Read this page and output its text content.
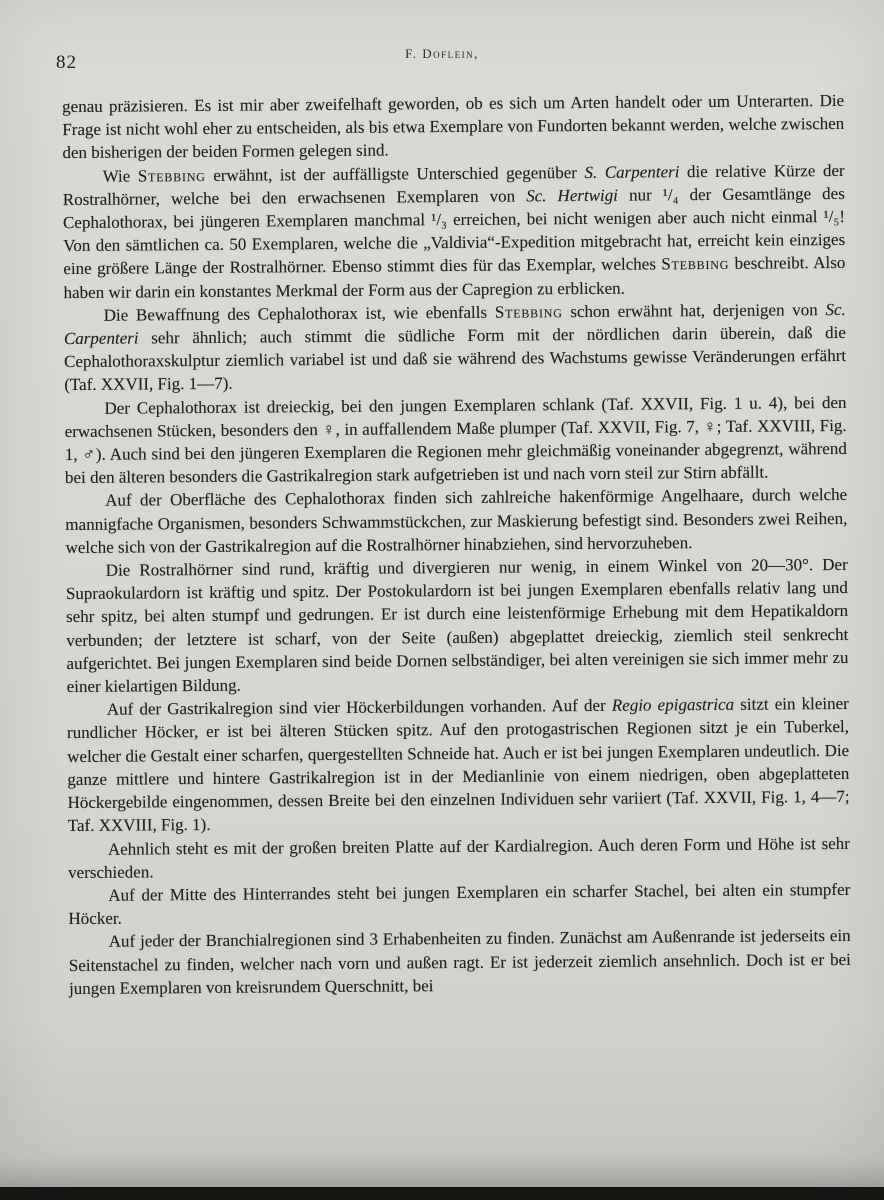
82	F. Doflein,

genau präzisieren. Es ist mir aber zweifelhaft geworden, ob es sich um Arten handelt oder um Unterarten. Die Frage ist nicht wohl eher zu entscheiden, als bis etwa Exemplare von Fundorten bekannt werden, welche zwischen den bisherigen der beiden Formen gelegen sind.

Wie Stebbing erwähnt, ist der auffälligste Unterschied gegenüber S. Carpenteri die relative Kürze der Rostralhörner, welche bei den erwachsenen Exemplaren von Sc. Hertwigi nur ¹/₄ der Gesamtlänge des Cephalothorax, bei jüngeren Exemplaren manchmal ¹/₃ erreichen, bei nicht wenigen aber auch nicht einmal ¹/₅! Von den sämtlichen ca. 50 Exemplaren, welche die „Valdivia“-Expedition mitgebracht hat, erreicht kein einziges eine größere Länge der Rostralhörner. Ebenso stimmt dies für das Exemplar, welches Stebbing beschreibt. Also haben wir darin ein konstantes Merkmal der Form aus der Capregion zu erblicken.

Die Bewaffnung des Cephalothorax ist, wie ebenfalls Stebbing schon erwähnt hat, derjenigen von Sc. Carpenteri sehr ähnlich; auch stimmt die südliche Form mit der nördlichen darin überein, daß die Cephalothoraxskulptur ziemlich variabel ist und daß sie während des Wachstums gewisse Veränderungen erfährt (Taf. XXVII, Fig. 1—7).

Der Cephalothorax ist dreieckig, bei den jungen Exemplaren schlank (Taf. XXVII, Fig. 1 u. 4), bei den erwachsenen Stücken, besonders den ♀, in auffallendem Maße plumper (Taf. XXVII, Fig. 7, ♀; Taf. XXVIII, Fig. 1, ♂). Auch sind bei den jüngeren Exemplaren die Regionen mehr gleichmäßig voneinander abgegrenzt, während bei den älteren besonders die Gastrikalregion stark aufgetrieben ist und nach vorn steil zur Stirn abfällt.

Auf der Oberfläche des Cephalothorax finden sich zahlreiche hakenförmige Angelhaare, durch welche mannigfache Organismen, besonders Schwammstückchen, zur Maskierung befestigt sind. Besonders zwei Reihen, welche sich von der Gastrikalregion auf die Rostralhörner hinabziehen, sind hervorzuheben.

Die Rostralhörner sind rund, kräftig und divergieren nur wenig, in einem Winkel von 20—30°. Der Supraokulardorn ist kräftig und spitz. Der Postokulardorn ist bei jungen Exemplaren ebenfalls relativ lang und sehr spitz, bei alten stumpf und gedrungen. Er ist durch eine leistenförmige Erhebung mit dem Hepatikaldorn verbunden; der letztere ist scharf, von der Seite (außen) abgeplattet dreieckig, ziemlich steil senkrecht aufgerichtet. Bei jungen Exemplaren sind beide Dornen selbständiger, bei alten vereinigen sie sich immer mehr zu einer kielartigen Bildung.

Auf der Gastrikalregion sind vier Höckerbildungen vorhanden. Auf der Regio epigastrica sitzt ein kleiner rundlicher Höcker, er ist bei älteren Stücken spitz. Auf den protogastrischen Regionen sitzt je ein Tuberkel, welcher die Gestalt einer scharfen, quergestellten Schneide hat. Auch er ist bei jungen Exemplaren undeutlich. Die ganze mittlere und hintere Gastrikalregion ist in der Medianlinie von einem niedrigen, oben abgeplatteten Höckergebilde eingenommen, dessen Breite bei den einzelnen Individuen sehr variiert (Taf. XXVII, Fig. 1, 4—7; Taf. XXVIII, Fig. 1).

Aehnlich steht es mit der großen breiten Platte auf der Kardialregion. Auch deren Form und Höhe ist sehr verschieden.

Auf der Mitte des Hinterrandes steht bei jungen Exemplaren ein scharfer Stachel, bei alten ein stumpfer Höcker.

Auf jeder der Branchialregionen sind 3 Erhabenheiten zu finden. Zunächst am Außenrande ist jederseits ein Seitenstachel zu finden, welcher nach vorn und außen ragt. Er ist jederzeit ziemlich ansehnlich. Doch ist er bei jungen Exemplaren von kreisrundem Querschnitt, bei
